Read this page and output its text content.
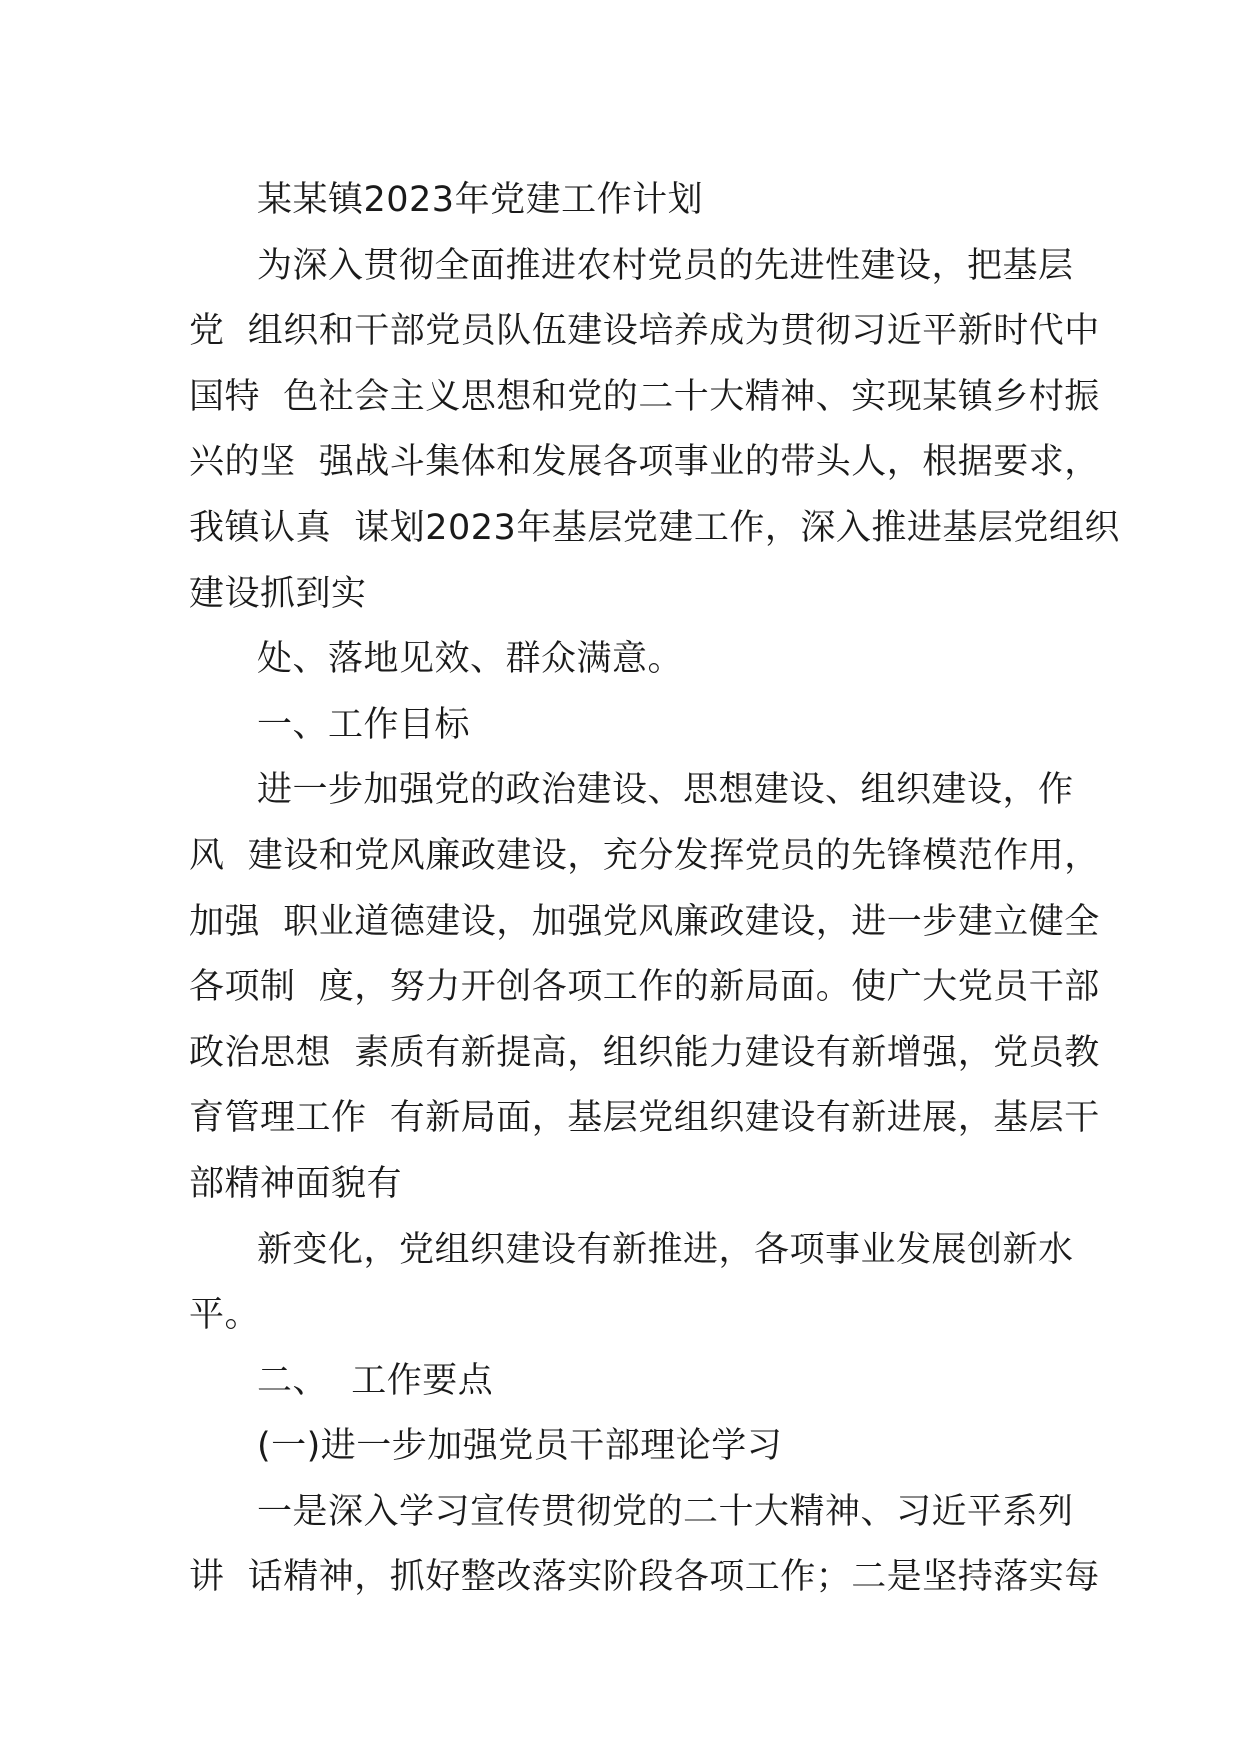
某某镇2023年党建工作计划
为深入贯彻全面推进农村党员的先进性建设，把基层
党  组织和干部党员队伍建设培养成为贯彻习近平新时代中
国特  色社会主义思想和党的二十大精神、实现某镇乡村振
兴的坚  强战斗集体和发展各项事业的带头人，根据要求，
我镇认真  谋划2023年基层党建工作，深入推进基层党组织
建设抓到实
处、落地见效、群众满意。
一、工作目标
进一步加强党的政治建设、思想建设、组织建设，作
风  建设和党风廉政建设，充分发挥党员的先锋模范作用，
加强  职业道德建设，加强党风廉政建设，进一步建立健全
各项制  度，努力开创各项工作的新局面。使广大党员干部
政治思想  素质有新提高，组织能力建设有新增强，党员教
育管理工作  有新局面，基层党组织建设有新进展，基层干
部精神面貌有
新变化，党组织建设有新推进，各项事业发展创新水
平。
二、  工作要点
(一)进一步加强党员干部理论学习
一是深入学习宣传贯彻党的二十大精神、习近平系列
讲  话精神，抓好整改落实阶段各项工作；二是坚持落实每
